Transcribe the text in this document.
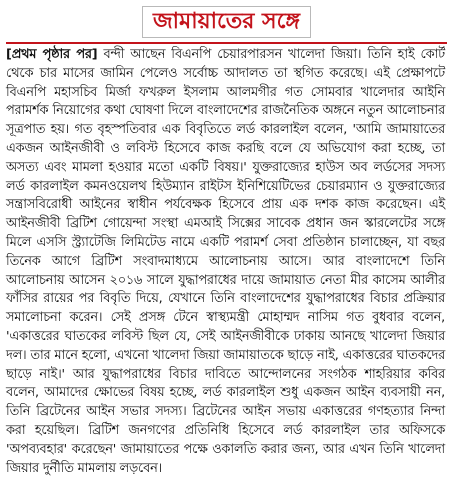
জামায়াতের সঙ্গে

[প্রথম পৃষ্ঠার পর] বন্দী আছেন বিএনপি চেয়ারপারসন খালেদা জিয়া। তিনি হাই কোর্ট থেকে চার মাসের জামিন পেলেও সর্বোচ্চ আদালত তা স্থগিত করেছে। এই প্রেক্ষাপটে বিএনপি মহাসচিব মির্জা ফখরুল ইসলাম আলমগীর গত সোমবার খালেদার আইনি পরামর্শক নিয়োগের কথা ঘোষণা দিলে বাংলাদেশের রাজনৈতিক অঙ্গনে নতুন আলোচনার সূত্রপাত হয়। গত বৃহস্পতিবার এক বিবৃতিতে লর্ড কারলাইল বলেন, 'আমি জামায়াতের একজন আইনজীবী ও লবিস্ট হিসেবে কাজ করছি বলে যে অভিযোগ করা হচ্ছে, তা অসত্য এবং মামলা হওয়ার মতো একটি বিষয়।' যুক্তরাজ্যের হাউস অব লর্ডসের সদস্য লর্ড কারলাইল কমনওয়েলথ হিউম্যান রাইটস ইনিশিয়েটিভের চেয়ারম্যান ও যুক্তরাজ্যের সন্ত্রাসবিরোধী আইনের স্বাধীন পর্যবেক্ষক হিসেবে প্রায় এক দশক কাজ করেছেন। এই আইনজীবী ব্রিটিশ গোয়েন্দা সংস্থা এমআই সিক্সের সাবেক প্রধান জন স্কারলেটের সঙ্গে মিলে এসসি স্ট্র্যাটেজি লিমিটেড নামে একটি পরামর্শ সেবা প্রতিষ্ঠান চালাচ্ছেন, যা বছর তিনেক আগে ব্রিটিশ সংবাদমাধ্যমে আলোচনায় আসে। আর বাংলাদেশে তিনি আলোচনায় আসেন ২০১৬ সালে যুদ্ধাপরাধের দায়ে জামায়াত নেতা মীর কাসেম আলীর ফাঁসির রায়ের পর বিবৃতি দিয়ে, যেখানে তিনি বাংলাদেশের যুদ্ধাপরাধের বিচার প্রক্রিয়ার সমালোচনা করেন। সেই প্রসঙ্গ টেনে স্বাস্থ্যমন্ত্রী মোহাম্মদ নাসিম গত বুধবার বলেন, 'একাত্তরের ঘাতকের লবিস্ট ছিল যে, সেই আইনজীবীকে ঢাকায় আনছে খালেদা জিয়ার দল। তার মানে হলো, এখনো খালেদা জিয়া জামায়াতকে ছাড়ে নাই, একাত্তরের ঘাতকদের ছাড়ে নাই।' আর যুদ্ধাপরাধের বিচার দাবিতে আন্দোলনের সংগঠক শাহরিয়ার কবির বলেন, আমাদের ক্ষোভের বিষয় হচ্ছে, লর্ড কারলাইল শুধু একজন আইন ব্যবসায়ী নন, তিনি ব্রিটেনের আইন সভার সদস্য। ব্রিটেনের আইন সভায় একাত্তরের গণহত্যার নিন্দা করা হয়েছিল। ব্রিটিশ জনগণের প্রতিনিধি হিসেবে লর্ড কারলাইল তার অফিসকে 'অপব্যবহার' করেছেন' জামায়াতের পক্ষে ওকালতি করার জন্য, আর এখন তিনি খালেদা জিয়ার দুর্নীতি মামলায় লড়বেন।
